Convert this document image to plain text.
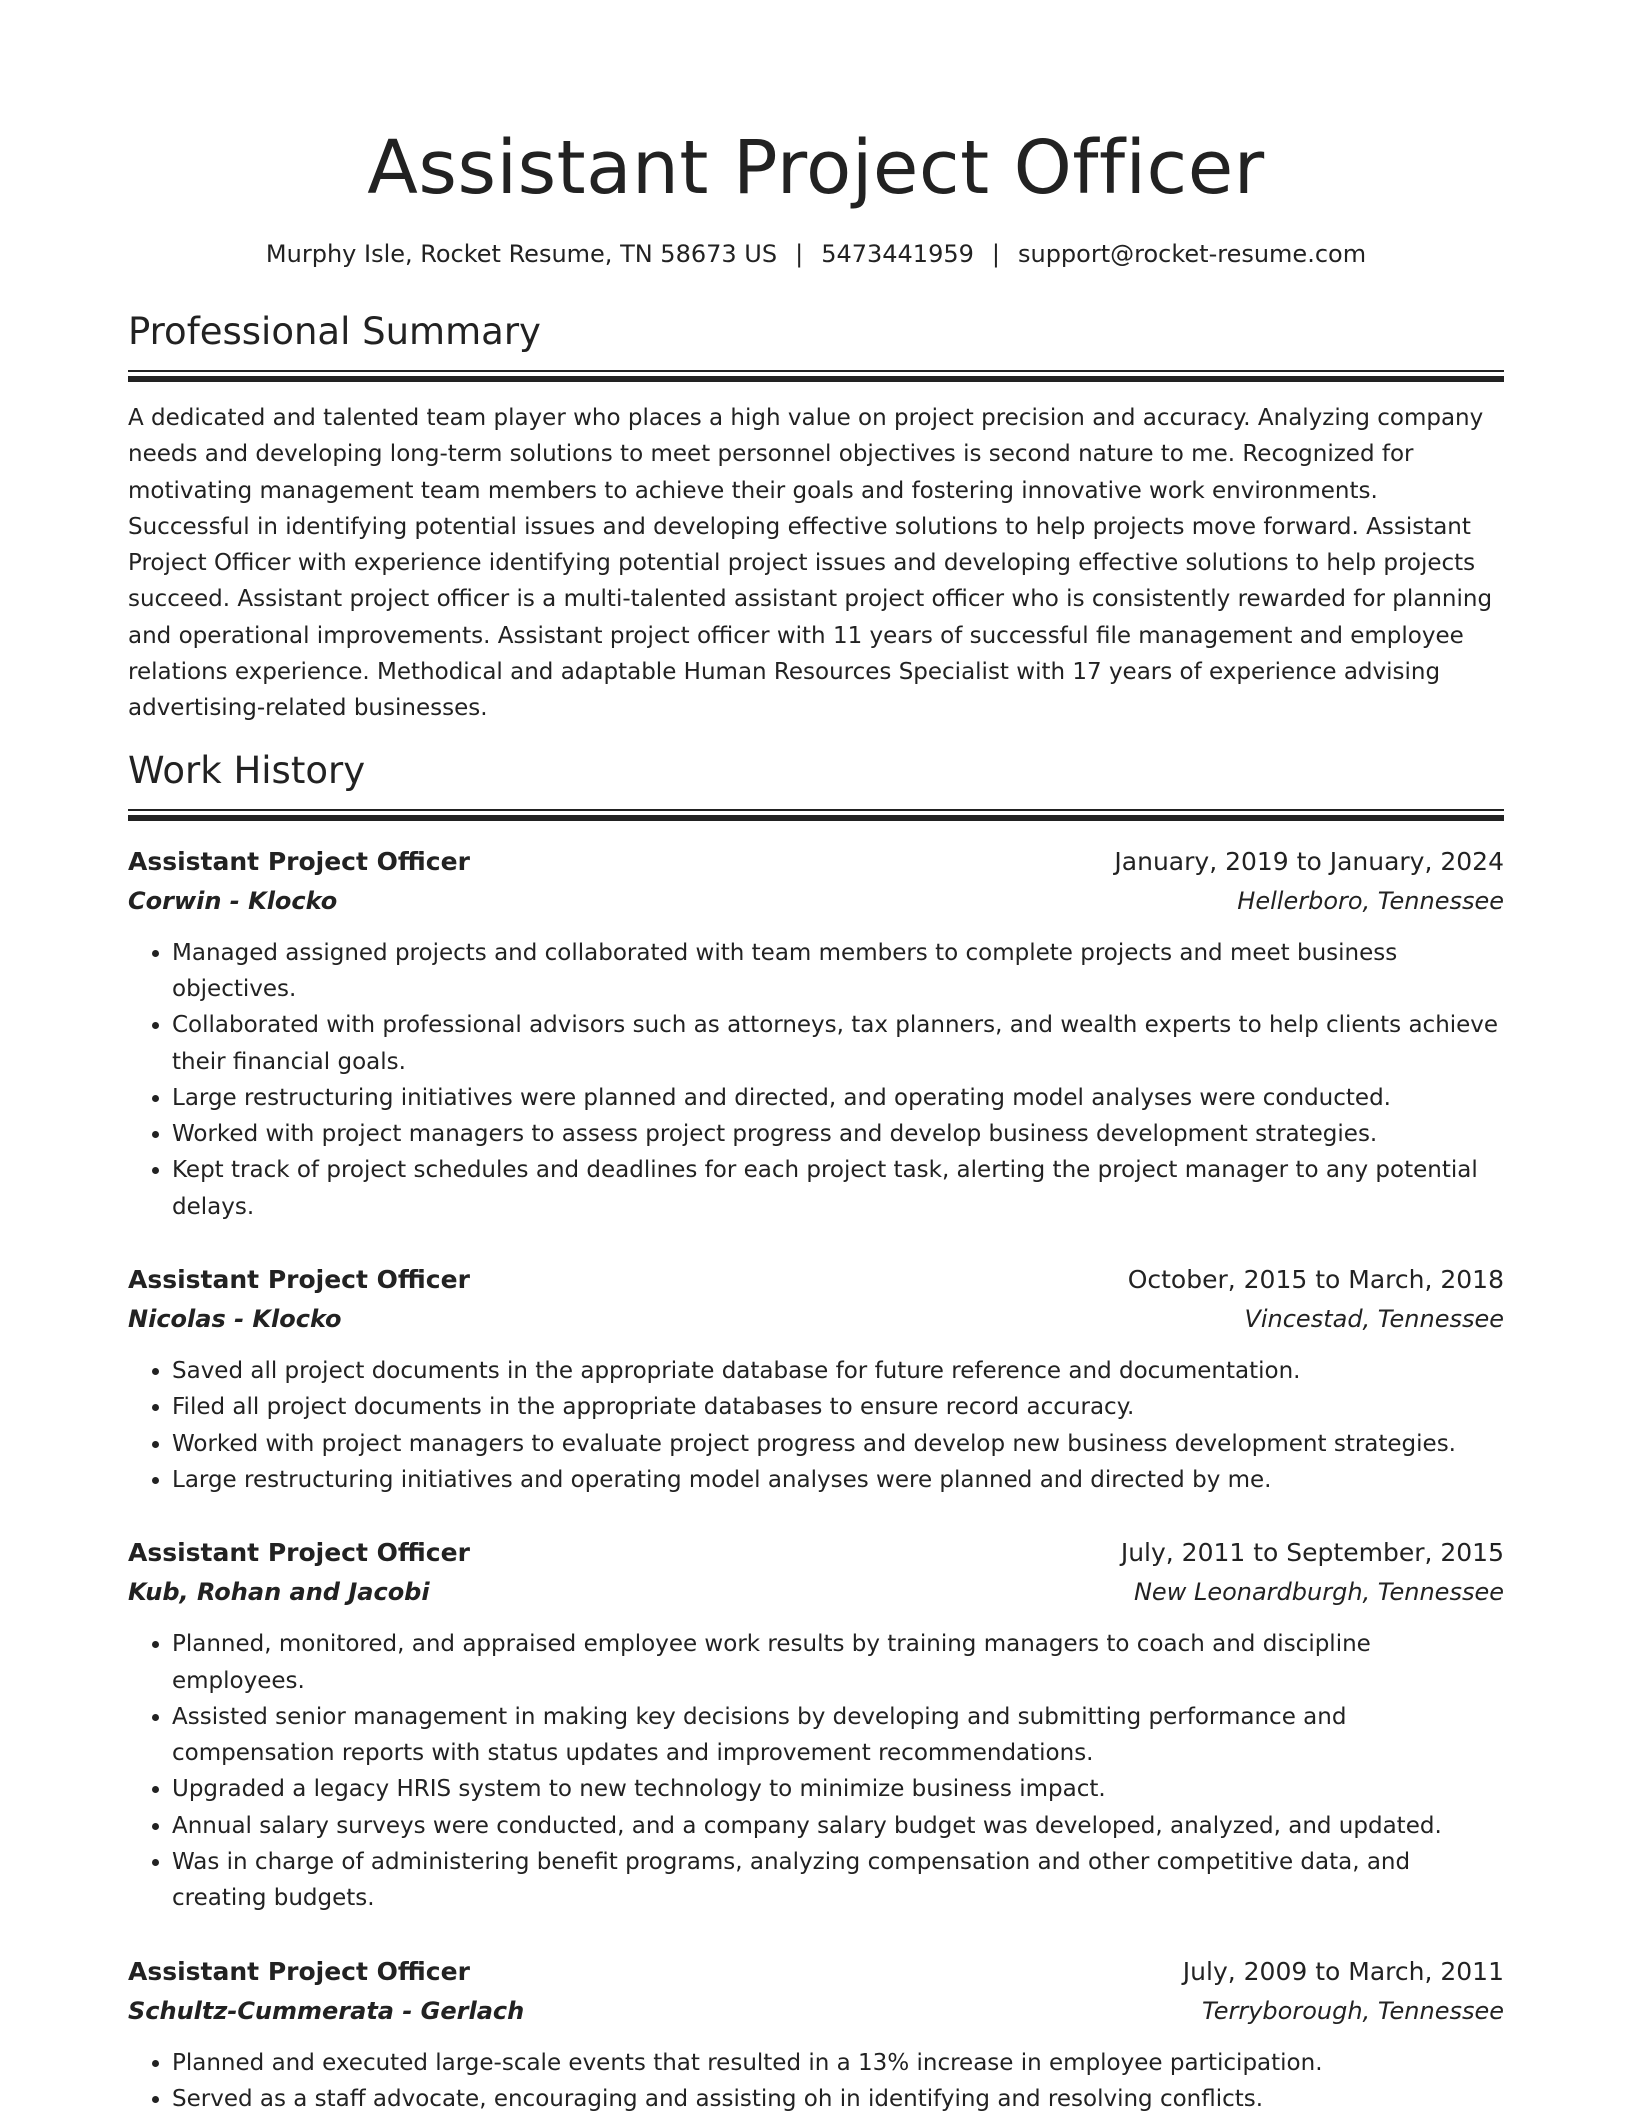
Assistant Project Officer
Murphy Isle, Rocket Resume, TN 58673 US | 5473441959 | support@rocket-resume.com
Professional Summary

A dedicated and talented team player who places a high value on project precision and accuracy. Analyzing company needs and developing long-term solutions to meet personnel objectives is second nature to me. Recognized for motivating management team members to achieve their goals and fostering innovative work environments. Successful in identifying potential issues and developing effective solutions to help projects move forward. Assistant Project Officer with experience identifying potential project issues and developing effective solutions to help projects succeed. Assistant project officer is a multi-talented assistant project officer who is consistently rewarded for planning and operational improvements. Assistant project officer with 11 years of successful file management and employee relations experience. Methodical and adaptable Human Resources Specialist with 17 years of experience advising advertising-related businesses.

Work History
Assistant Project Officer	January, 2019 to January, 2024
Corwin - Klocko	Hellerboro, Tennessee
• Managed assigned projects and collaborated with team members to complete projects and meet business objectives.
• Collaborated with professional advisors such as attorneys, tax planners, and wealth experts to help clients achieve their financial goals.
• Large restructuring initiatives were planned and directed, and operating model analyses were conducted.
• Worked with project managers to assess project progress and develop business development strategies.
• Kept track of project schedules and deadlines for each project task, alerting the project manager to any potential delays.
Assistant Project Officer	October, 2015 to March, 2018
Nicolas - Klocko	Vincestad, Tennessee
• Saved all project documents in the appropriate database for future reference and documentation.
• Filed all project documents in the appropriate databases to ensure record accuracy.
• Worked with project managers to evaluate project progress and develop new business development strategies.
• Large restructuring initiatives and operating model analyses were planned and directed by me.
Assistant Project Officer	July, 2011 to September, 2015
Kub, Rohan and Jacobi	New Leonardburgh, Tennessee
• Planned, monitored, and appraised employee work results by training managers to coach and discipline employees.
• Assisted senior management in making key decisions by developing and submitting performance and compensation reports with status updates and improvement recommendations.
• Upgraded a legacy HRIS system to new technology to minimize business impact.
• Annual salary surveys were conducted, and a company salary budget was developed, analyzed, and updated.
• Was in charge of administering benefit programs, analyzing compensation and other competitive data, and creating budgets.
Assistant Project Officer	July, 2009 to March, 2011
Schultz-Cummerata - Gerlach	Terryborough, Tennessee
• Planned and executed large-scale events that resulted in a 13% increase in employee participation.
• Served as a staff advocate, encouraging and assisting oh in identifying and resolving conflicts.
